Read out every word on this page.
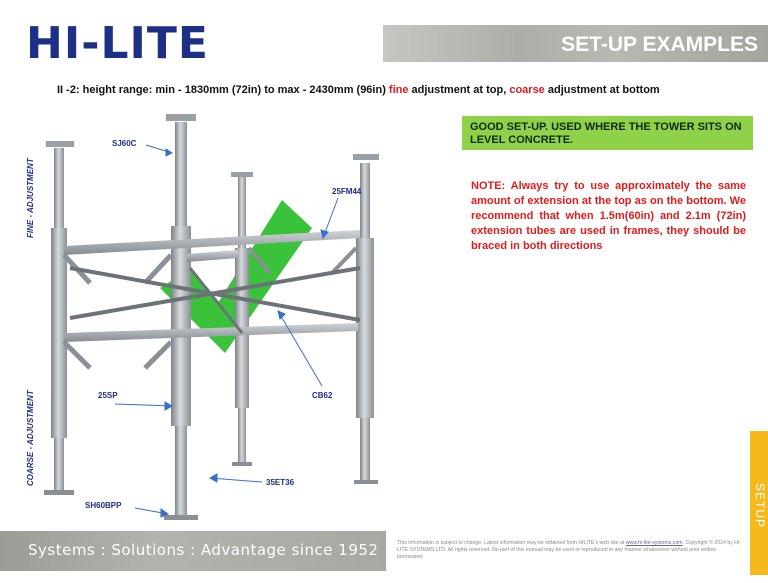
HI-LITE	SET-UP EXAMPLES
II -2: height range: min - 1830mm (72in) to max - 2430mm (96in) fine adjustment at top, coarse adjustment at bottom
GOOD SET-UP. USED WHERE THE TOWER SITS ON LEVEL CONCRETE.
NOTE: Always try to use approximately the same amount of extension at the top as on the bottom. We recommend that when 1.5m(60in) and 2.1m (72in) extension tubes are used in frames, they should be braced in both directions
SJ60C
25FM44
25SP	CB62
35ET36
SH60BPP
FINE - ADJUSTMENT
COARSE - ADJUSTMENT
Systems : Solutions : Advantage since 1952	This information is subject to change. Latest information may be obtained from HILITE's web site at www.hi-lite-systems.com. Copyright © 2024 by HI-LITE SYSTEMS LTD. All rights reserved. No part of this manual may be used or reproduced in any manner whatsoever without prior written permission.
SETUP
